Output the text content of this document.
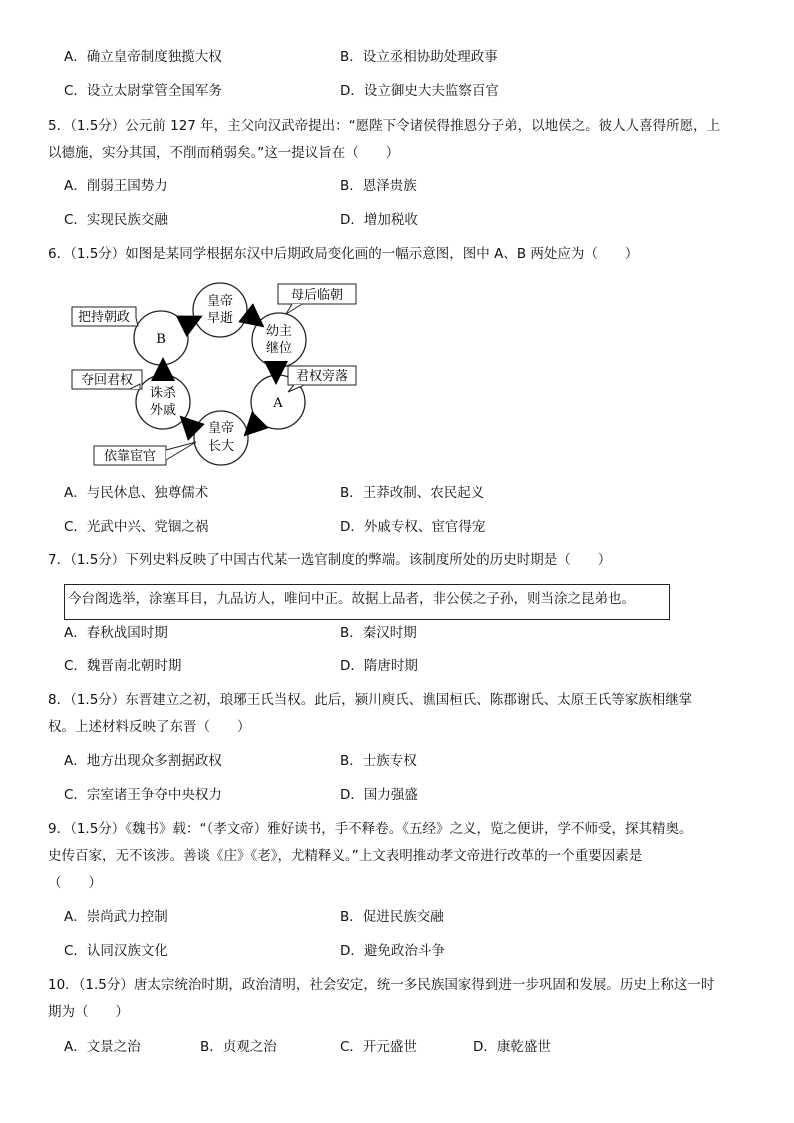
A．确立皇帝制度独揽大权	B．设立丞相协助处理政事
C．设立太尉掌管全国军务	D．设立御史大夫监察百官
5．（1.5分）公元前 127 年，主父向汉武帝提出：“愿陛下令诸侯得推恩分子弟，以地侯之。彼人人喜得所愿，上
以德施，实分其国，不削而稍弱矣。”这一提议旨在（　　）
A．削弱王国势力	B．恩泽贵族
C．实现民族交融	D．增加税收
6．（1.5分）如图是某同学根据东汉中后期政局变化画的一幅示意图，图中 A、B 两处应为（　　）
皇帝
早逝
幼主
继位
A
皇帝
长大
诛杀
外戚
B
母后临朝
君权旁落
依靠宦官
夺回君权
把持朝政
A．与民休息、独尊儒术	B．王莽改制、农民起义
C．光武中兴、党锢之祸	D．外戚专权、宦官得宠
7．（1.5分）下列史料反映了中国古代某一选官制度的弊端。该制度所处的历史时期是（　　）
今台阁选举，涂塞耳目，九品访人，唯问中正。故据上品者，非公侯之子孙，则当涂之昆弟也。
A．春秋战国时期	B．秦汉时期
C．魏晋南北朝时期	D．隋唐时期
8．（1.5分）东晋建立之初，琅琊王氏当权。此后，颍川庾氏、谯国桓氏、陈郡谢氏、太原王氏等家族相继掌
权。上述材料反映了东晋（　　）
A．地方出现众多割据政权	B．士族专权
C．宗室诸王争夺中央权力	D．国力强盛
9．（1.5分）《魏书》载：“（孝文帝）雅好读书，手不释卷。《五经》之义，览之便讲，学不师受，探其精奥。
史传百家，无不该涉。善谈《庄》《老》，尤精释义。”上文表明推动孝文帝进行改革的一个重要因素是
（　　）
A．崇尚武力控制	B．促进民族交融
C．认同汉族文化	D．避免政治斗争
10．（1.5分）唐太宗统治时期，政治清明，社会安定，统一多民族国家得到进一步巩固和发展。历史上称这一时
期为（　　）
A．文景之治	B．贞观之治	C．开元盛世	D．康乾盛世
